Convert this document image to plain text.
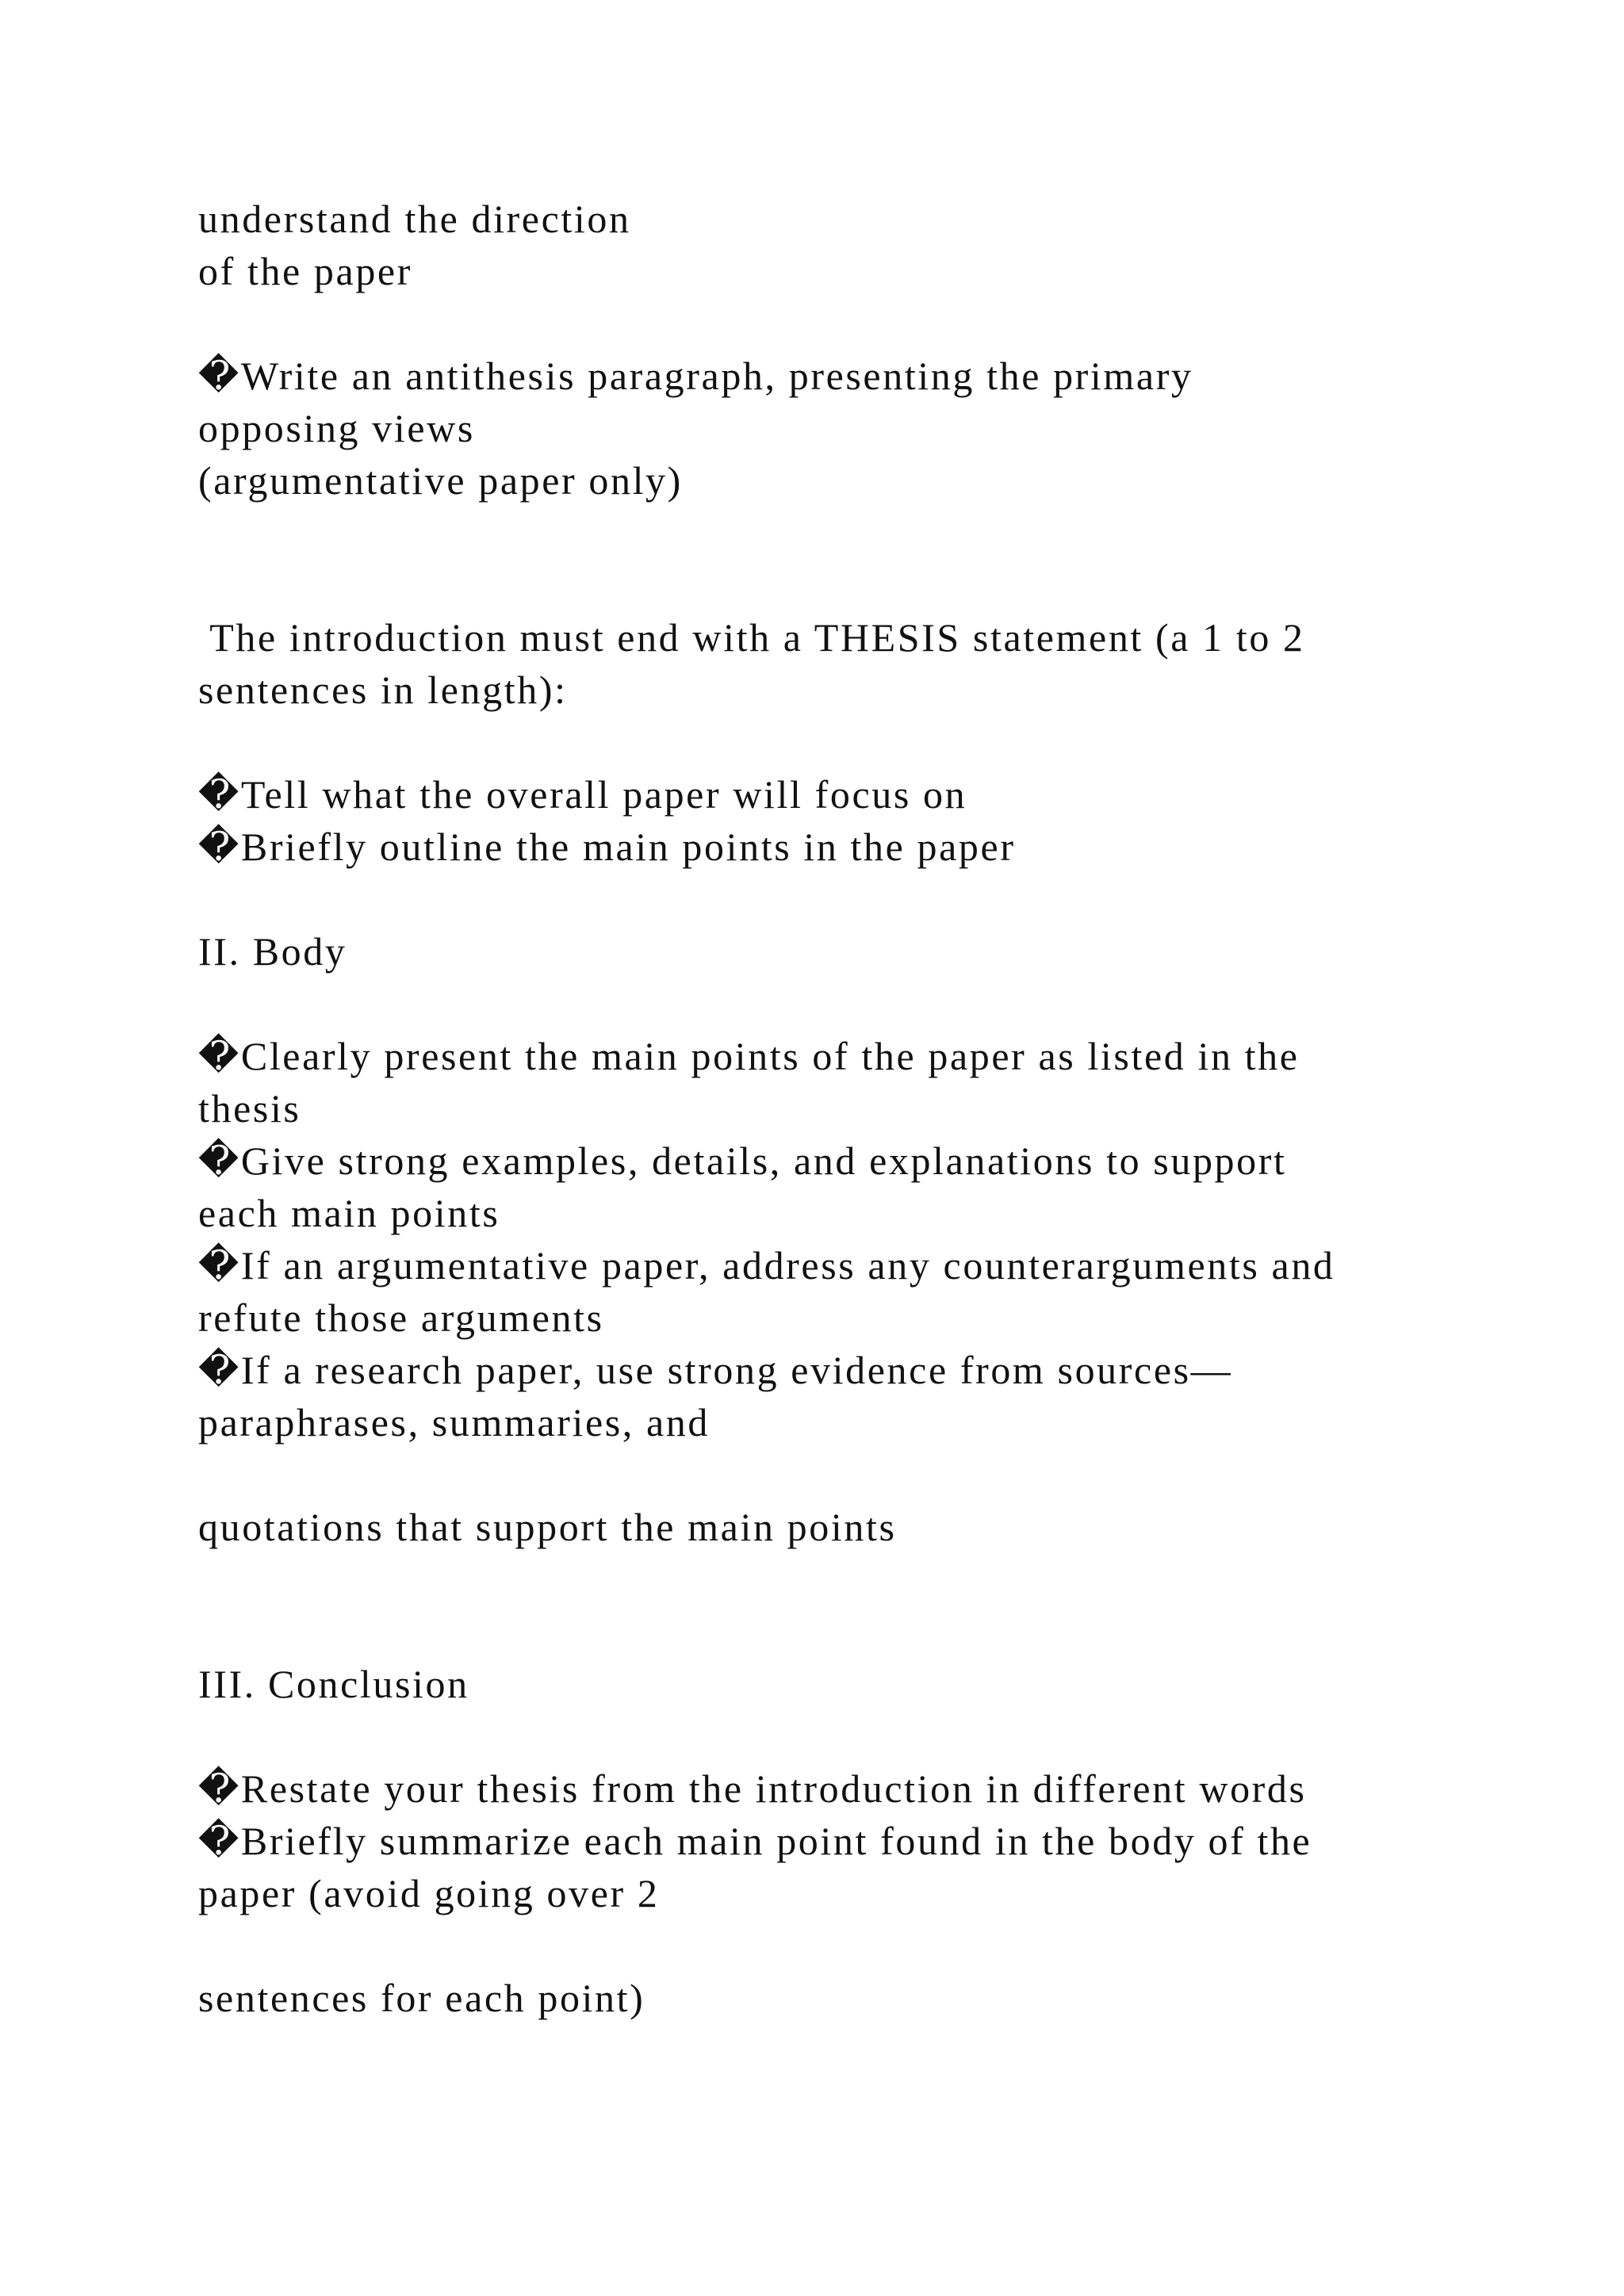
understand the direction
of the paper
�Write an antithesis paragraph, presenting the primary
opposing views
(argumentative paper only)
The introduction must end with a THESIS statement (a 1 to 2
sentences in length):
�Tell what the overall paper will focus on
�Briefly outline the main points in the paper
II. Body
�Clearly present the main points of the paper as listed in the
thesis
�Give strong examples, details, and explanations to support
each main points
�If an argumentative paper, address any counterarguments and
refute those arguments
�If a research paper, use strong evidence from sources—
paraphrases, summaries, and
quotations that support the main points
III. Conclusion
�Restate your thesis from the introduction in different words
�Briefly summarize each main point found in the body of the
paper (avoid going over 2
sentences for each point)
